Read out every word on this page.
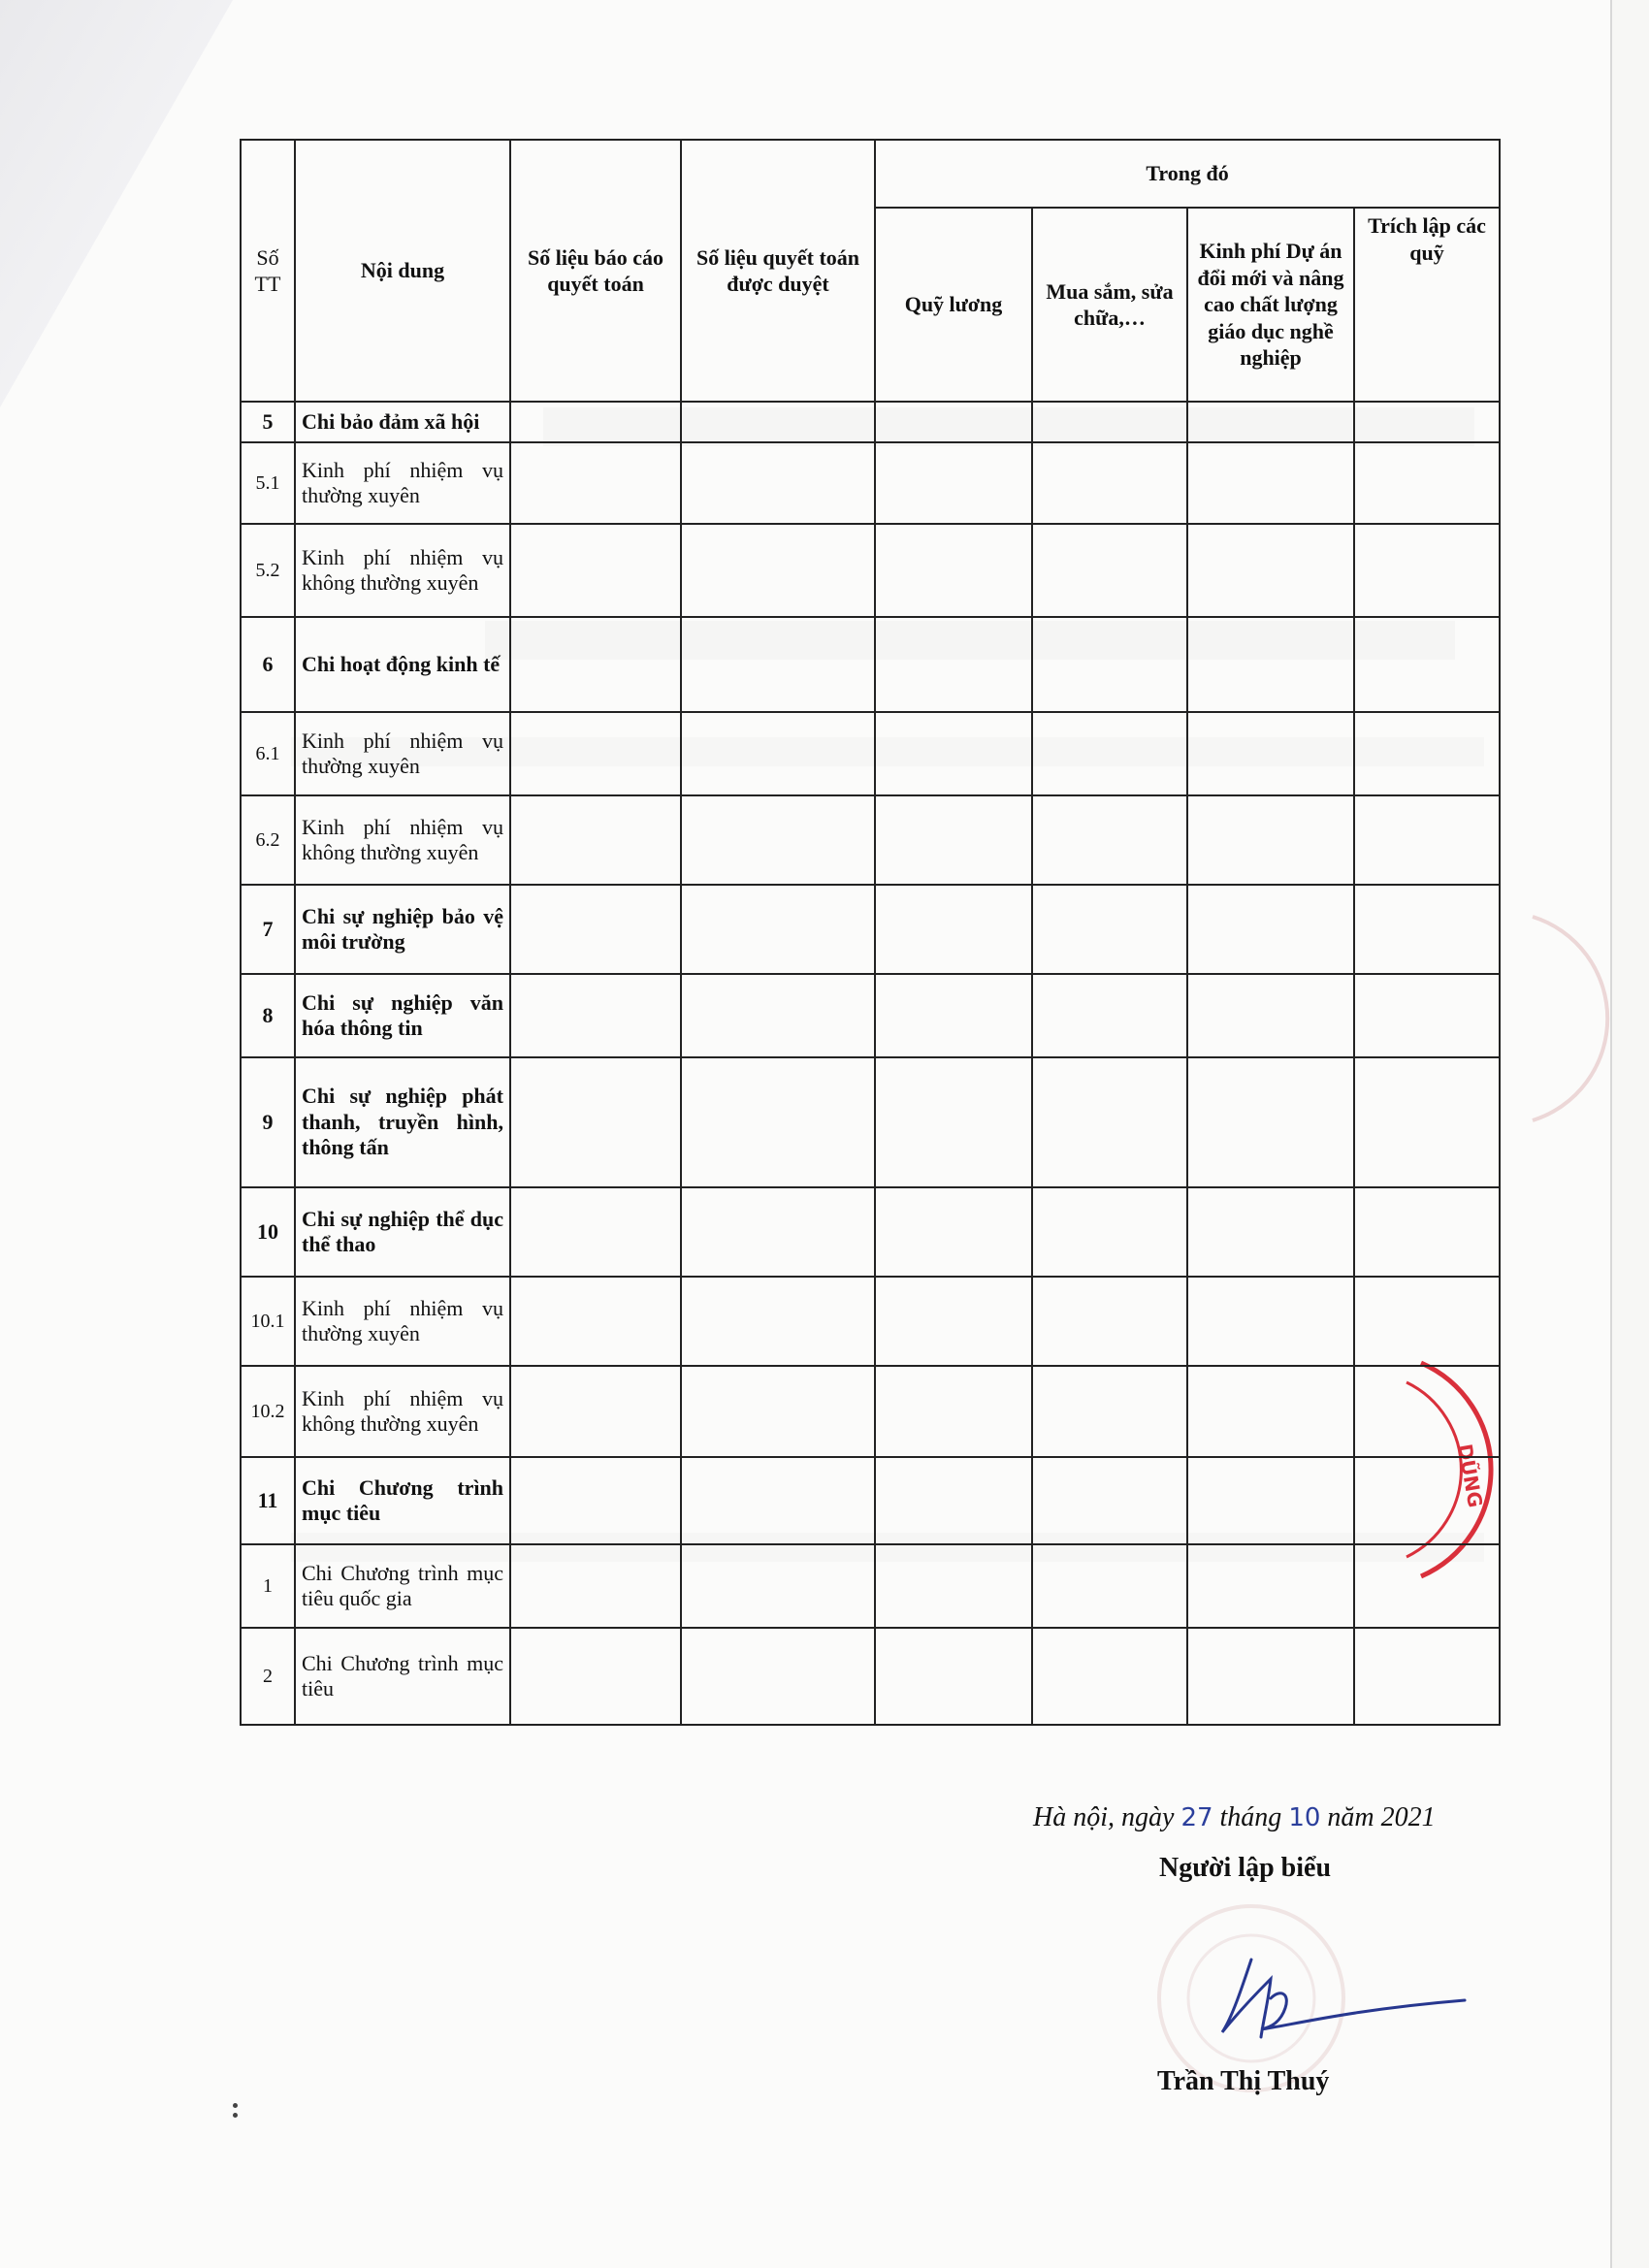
Số TT	Nội dung	Số liệu báo cáo quyết toán	Số liệu quyết toán được duyệt	Trong đó			
				Quỹ lương	Mua sắm, sửa chữa,…	Kinh phí Dự án đổi mới và nâng cao chất lượng giáo dục nghề nghiệp	Trích lập các quỹ
5	Chi bảo đảm xã hội						
5.1	Kinh phí nhiệm vụ thường xuyên						
5.2	Kinh phí nhiệm vụ không thường xuyên						
6	Chi hoạt động kinh tế						
6.1	Kinh phí nhiệm vụ thường xuyên						
6.2	Kinh phí nhiệm vụ không thường xuyên						
7	Chi sự nghiệp bảo vệ môi trường						
8	Chi sự nghiệp văn hóa thông tin						
9	Chi sự nghiệp phát thanh, truyền hình, thông tấn						
10	Chi sự nghiệp thể dục thể thao						
10.1	Kinh phí nhiệm vụ thường xuyên						
10.2	Kinh phí nhiệm vụ không thường xuyên						
11	Chi Chương trình mục tiêu						
1	Chi Chương trình mục tiêu quốc gia						
2	Chi Chương trình mục tiêu						
DŨNG
Hà nội, ngày 27 tháng 10 năm 2021
Người lập biểu
Trần Thị Thuý
